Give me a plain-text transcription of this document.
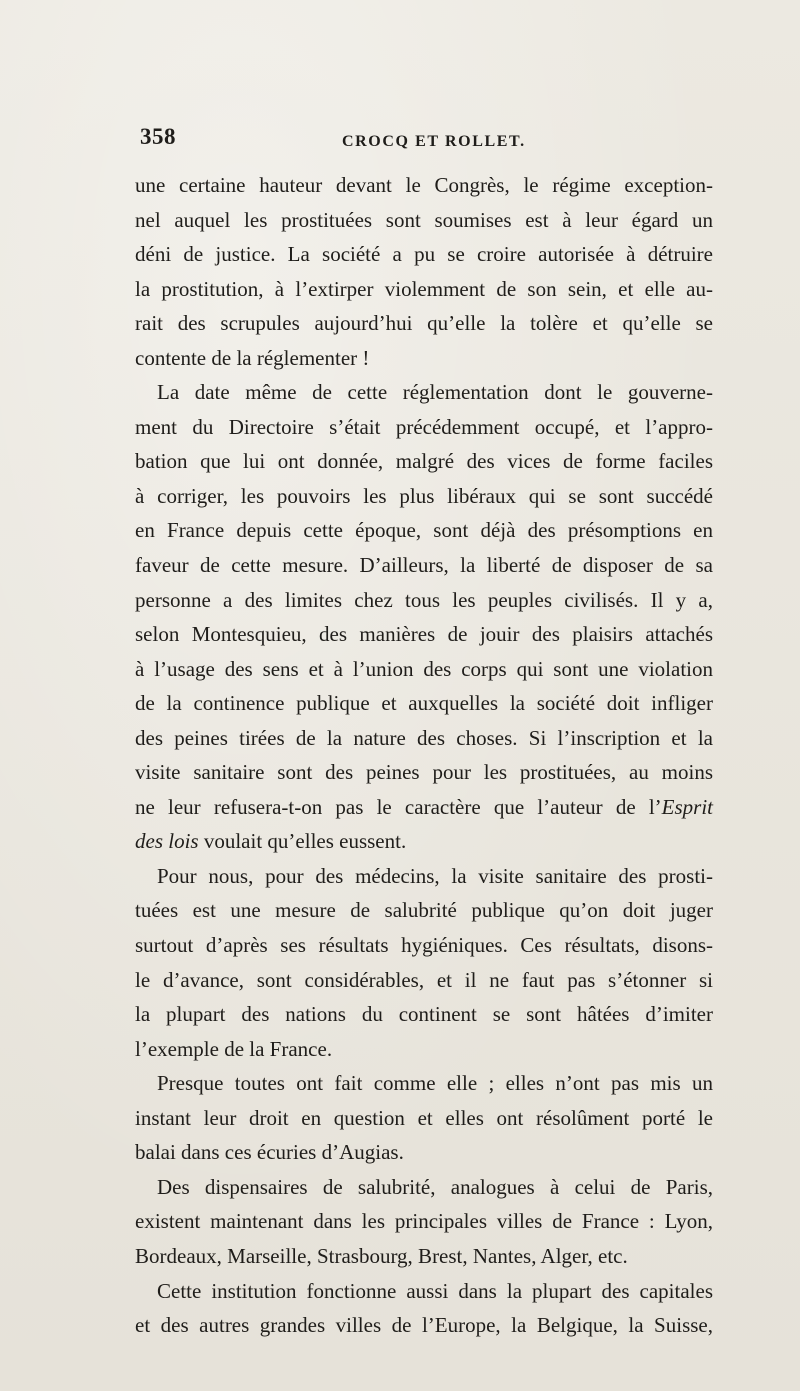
358	CROCQ ET ROLLET.
une certaine hauteur devant le Congrès, le régime exception-
nel auquel les prostituées sont soumises est à leur égard un
déni de justice. La société a pu se croire autorisée à détruire
la prostitution, à l’extirper violemment de son sein, et elle au-
rait des scrupules aujourd’hui qu’elle la tolère et qu’elle se
contente de la réglementer !
La date même de cette réglementation dont le gouverne-
ment du Directoire s’était précédemment occupé, et l’appro-
bation que lui ont donnée, malgré des vices de forme faciles
à corriger, les pouvoirs les plus libéraux qui se sont succédé
en France depuis cette époque, sont déjà des présomptions en
faveur de cette mesure. D’ailleurs, la liberté de disposer de sa
personne a des limites chez tous les peuples civilisés. Il y a,
selon Montesquieu, des manières de jouir des plaisirs attachés
à l’usage des sens et à l’union des corps qui sont une violation
de la continence publique et auxquelles la société doit infliger
des peines tirées de la nature des choses. Si l’inscription et la
visite sanitaire sont des peines pour les prostituées, au moins
ne leur refusera-t-on pas le caractère que l’auteur de l’Esprit
des lois voulait qu’elles eussent.
Pour nous, pour des médecins, la visite sanitaire des prosti-
tuées est une mesure de salubrité publique qu’on doit juger
surtout d’après ses résultats hygiéniques. Ces résultats, disons-
le d’avance, sont considérables, et il ne faut pas s’étonner si
la plupart des nations du continent se sont hâtées d’imiter
l’exemple de la France.
Presque toutes ont fait comme elle ; elles n’ont pas mis un
instant leur droit en question et elles ont résolûment porté le
balai dans ces écuries d’Augias.
Des dispensaires de salubrité, analogues à celui de Paris,
existent maintenant dans les principales villes de France : Lyon,
Bordeaux, Marseille, Strasbourg, Brest, Nantes, Alger, etc.
Cette institution fonctionne aussi dans la plupart des capitales
et des autres grandes villes de l’Europe, la Belgique, la Suisse,
